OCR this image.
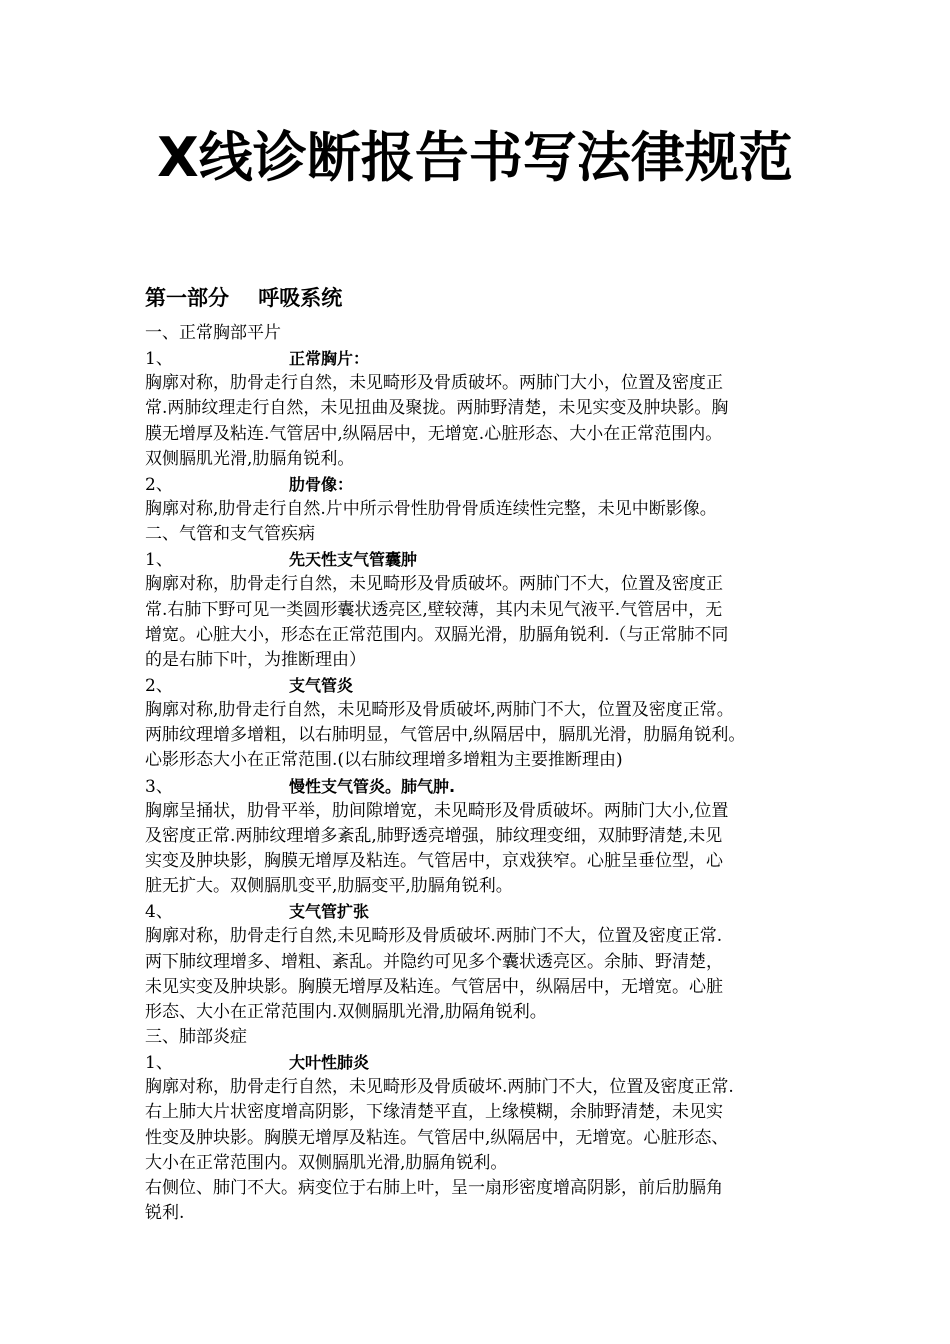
X线诊断报告书写法律规范
第一部分    呼吸系统
一、正常胸部平片
1、	正常胸片：
胸廓对称，肋骨走行自然，未见畸形及骨质破坏。两肺门大小，位置及密度正
常.两肺纹理走行自然，未见扭曲及聚拢。两肺野清楚，未见实变及肿块影。胸
膜无增厚及粘连.气管居中,纵隔居中，无增宽.心脏形态、大小在正常范围内。
双侧膈肌光滑,肋膈角锐利。
2、	肋骨像：
胸廓对称,肋骨走行自然.片中所示骨性肋骨骨质连续性完整，未见中断影像。
二、气管和支气管疾病
1、	先天性支气管囊肿
胸廓对称，肋骨走行自然，未见畸形及骨质破坏。两肺门不大，位置及密度正
常.右肺下野可见一类圆形囊状透亮区,壁较薄，其内未见气液平.气管居中，无
增宽。心脏大小，形态在正常范围内。双膈光滑，肋膈角锐利.（与正常肺不同
的是右肺下叶，为推断理由）
2、	支气管炎
胸廓对称,肋骨走行自然，未见畸形及骨质破坏,两肺门不大，位置及密度正常。
两肺纹理增多增粗，以右肺明显，气管居中,纵隔居中，膈肌光滑，肋膈角锐利。
心影形态大小在正常范围.(以右肺纹理增多增粗为主要推断理由)
3、	慢性支气管炎。肺气肿.
胸廓呈捅状，肋骨平举，肋间隙增宽，未见畸形及骨质破坏。两肺门大小,位置
及密度正常.两肺纹理增多紊乱,肺野透亮增强，肺纹理变细，双肺野清楚,未见
实变及肿块影，胸膜无增厚及粘连。气管居中，京戏狭窄。心脏呈垂位型，心
脏无扩大。双侧膈肌变平,肋膈变平,肋膈角锐利。
4、	支气管扩张
胸廓对称，肋骨走行自然,未见畸形及骨质破坏.两肺门不大，位置及密度正常.
两下肺纹理增多、增粗、紊乱。并隐约可见多个囊状透亮区。余肺、野清楚，
未见实变及肿块影。胸膜无增厚及粘连。气管居中，纵隔居中，无增宽。心脏
形态、大小在正常范围内.双侧膈肌光滑,肋隔角锐利。
三、肺部炎症
1、	大叶性肺炎
胸廓对称，肋骨走行自然，未见畸形及骨质破坏.两肺门不大，位置及密度正常.
右上肺大片状密度增高阴影，下缘清楚平直，上缘模糊，余肺野清楚，未见实
性变及肿块影。胸膜无增厚及粘连。气管居中,纵隔居中，无增宽。心脏形态、
大小在正常范围内。双侧膈肌光滑,肋膈角锐利。
右侧位、肺门不大。病变位于右肺上叶，呈一扇形密度增高阴影，前后肋膈角
锐利.
